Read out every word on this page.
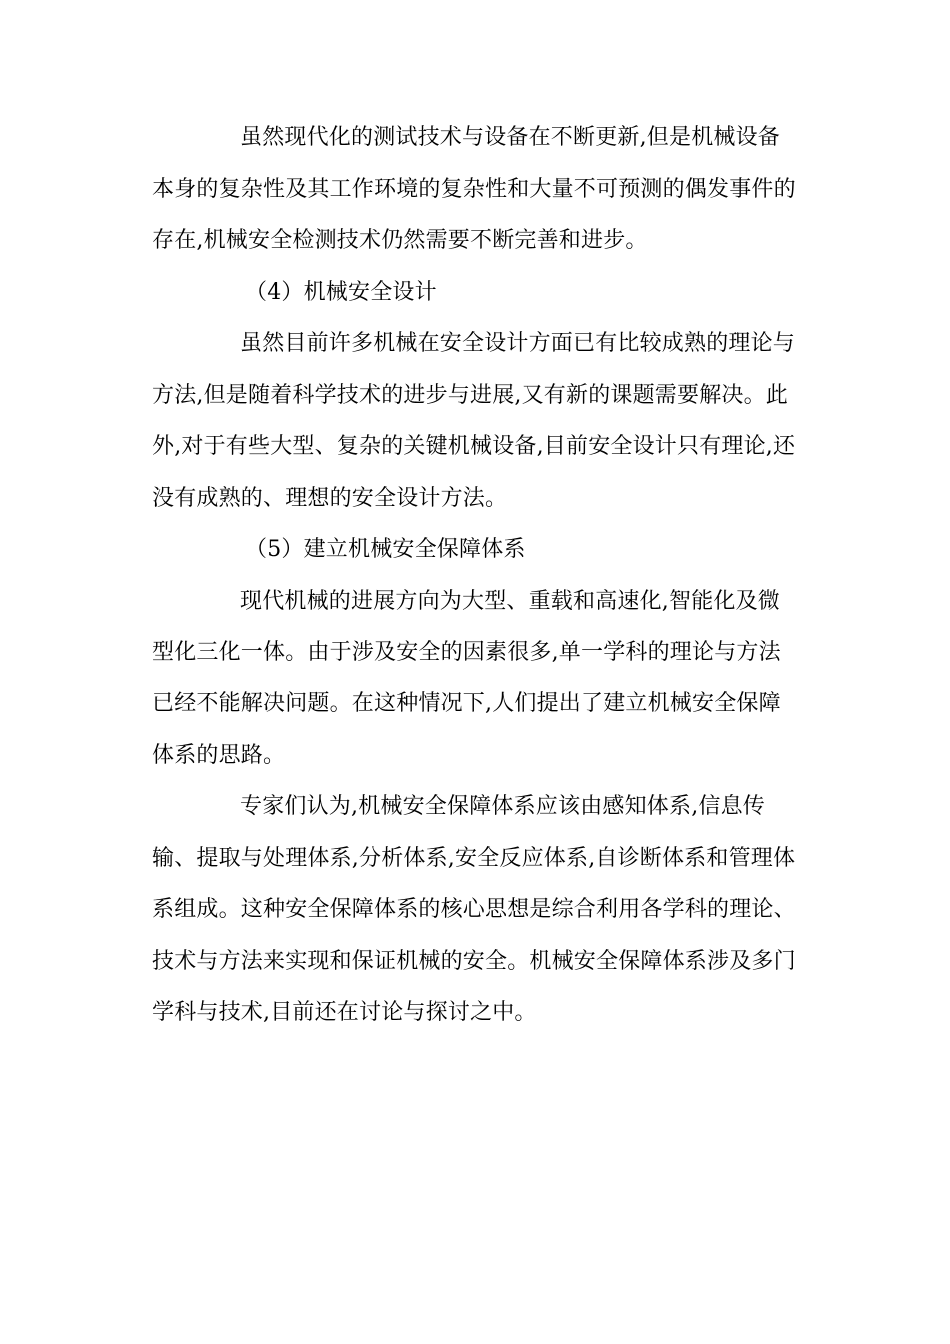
虽然现代化的测试技术与设备在不断更新,但是机械设备
本身的复杂性及其工作环境的复杂性和大量不可预测的偶发事件的
存在,机械安全检测技术仍然需要不断完善和进步。
（4）机械安全设计
虽然目前许多机械在安全设计方面已有比较成熟的理论与
方法,但是随着科学技术的进步与进展,又有新的课题需要解决。此
外,对于有些大型、复杂的关键机械设备,目前安全设计只有理论,还
没有成熟的、理想的安全设计方法。
（5）建立机械安全保障体系
现代机械的进展方向为大型、重载和高速化,智能化及微
型化三化一体。由于涉及安全的因素很多,单一学科的理论与方法
已经不能解决问题。在这种情况下,人们提出了建立机械安全保障
体系的思路。
专家们认为,机械安全保障体系应该由感知体系,信息传
输、提取与处理体系,分析体系,安全反应体系,自诊断体系和管理体
系组成。这种安全保障体系的核心思想是综合利用各学科的理论、
技术与方法来实现和保证机械的安全。机械安全保障体系涉及多门
学科与技术,目前还在讨论与探讨之中。
